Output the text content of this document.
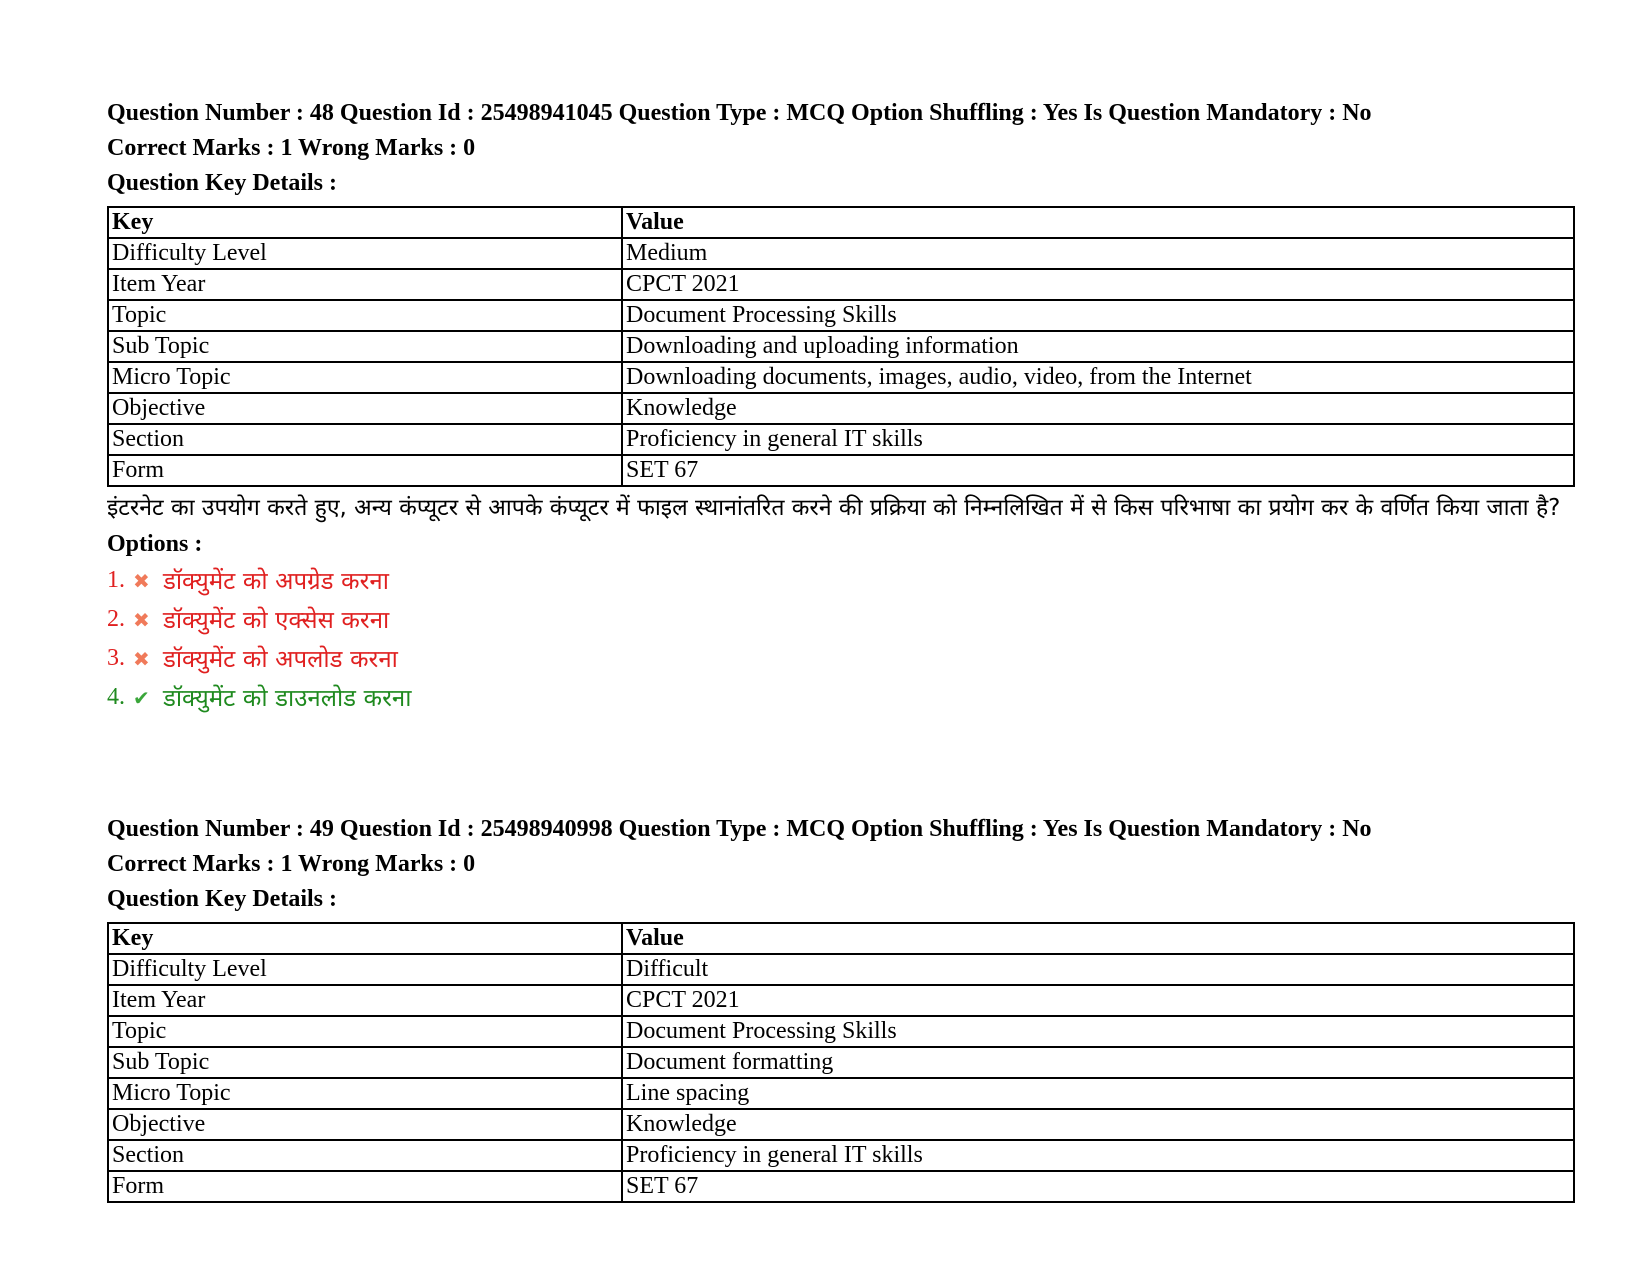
Question Number : 48 Question Id : 25498941045 Question Type : MCQ Option Shuffling : Yes Is Question Mandatory : No
Correct Marks : 1 Wrong Marks : 0
Question Key Details :
Key	Value
Difficulty Level	Medium
Item Year	CPCT 2021
Topic	Document Processing Skills
Sub Topic	Downloading and uploading information
Micro Topic	Downloading documents, images, audio, video, from the Internet
Objective	Knowledge
Section	Proficiency in general IT skills
Form	SET 67
इंटरनेट का उपयोग करते हुए, अन्य कंप्यूटर से आपके कंप्यूटर में फाइल स्थानांतरित करने की प्रक्रिया को निम्नलिखित में से किस परिभाषा का प्रयोग कर के वर्णित किया जाता है?
Options :
1. ✖ डॉक्युमेंट को अपग्रेड करना
2. ✖ डॉक्युमेंट को एक्सेस करना
3. ✖ डॉक्युमेंट को अपलोड करना
4. ✔ डॉक्युमेंट को डाउनलोड करना
Question Number : 49 Question Id : 25498940998 Question Type : MCQ Option Shuffling : Yes Is Question Mandatory : No
Correct Marks : 1 Wrong Marks : 0
Question Key Details :
Key	Value
Difficulty Level	Difficult
Item Year	CPCT 2021
Topic	Document Processing Skills
Sub Topic	Document formatting
Micro Topic	Line spacing
Objective	Knowledge
Section	Proficiency in general IT skills
Form	SET 67
